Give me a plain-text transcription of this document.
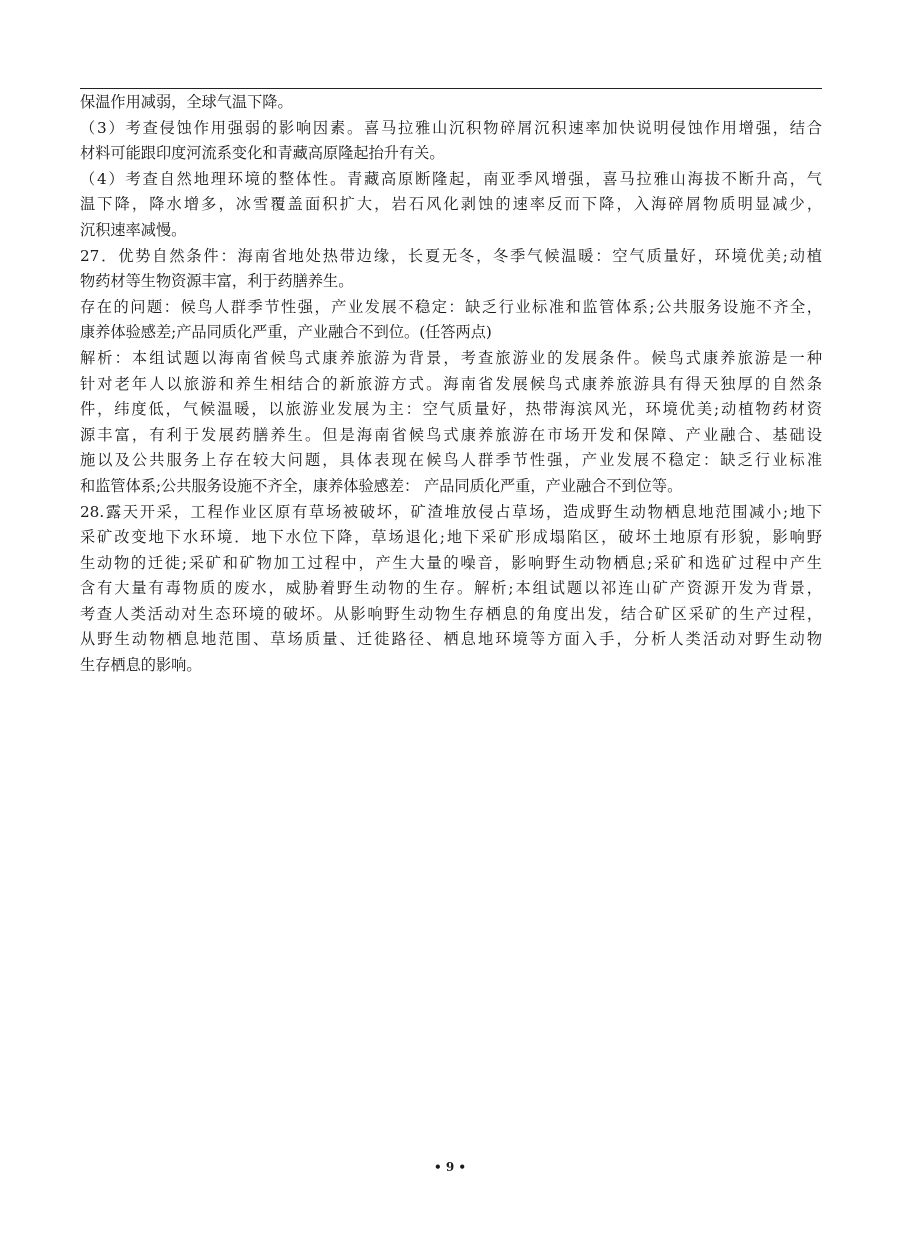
保温作用减弱，全球气温下降。
（3）考查侵蚀作用强弱的影响因素。喜马拉雅山沉积物碎屑沉积速率加快说明侵蚀作用增强，结合
材料可能跟印度河流系变化和青藏高原隆起抬升有关。
（4）考查自然地理环境的整体性。青藏高原断隆起，南亚季风增强，喜马拉雅山海拔不断升高，气
温下降，降水增多，冰雪覆盖面积扩大，岩石风化剥蚀的速率反而下降，入海碎屑物质明显减少，
沉积速率减慢。
27．优势自然条件：海南省地处热带边缘，长夏无冬，冬季气候温暖：空气质量好，环境优美;动植
物药材等生物资源丰富，利于药膳养生。
存在的问题：候鸟人群季节性强，产业发展不稳定：缺乏行业标准和监管体系;公共服务设施不齐全，
康养体验感差;产品同质化严重，产业融合不到位。(任答两点)
解析：本组试题以海南省候鸟式康养旅游为背景，考查旅游业的发展条件。候鸟式康养旅游是一种
针对老年人以旅游和养生相结合的新旅游方式。海南省发展候鸟式康养旅游具有得天独厚的自然条
件，纬度低，气候温暖，以旅游业发展为主：空气质量好，热带海滨风光，环境优美;动植物药材资
源丰富，有利于发展药膳养生。但是海南省候鸟式康养旅游在市场开发和保障、产业融合、基础设
施以及公共服务上存在较大问题，具体表现在候鸟人群季节性强，产业发展不稳定：缺乏行业标准
和监管体系;公共服务设施不齐全，康养体验感差： 产品同质化严重，产业融合不到位等。
28.露天开采，工程作业区原有草场被破坏，矿渣堆放侵占草场，造成野生动物栖息地范围减小;地下
采矿改变地下水环境．地下水位下降，草场退化;地下采矿形成塌陷区，破坏土地原有形貌，影响野
生动物的迁徙;采矿和矿物加工过程中，产生大量的噪音，影响野生动物栖息;采矿和选矿过程中产生
含有大量有毒物质的废水，威胁着野生动物的生存。解析;本组试题以祁连山矿产资源开发为背景，
考查人类活动对生态环境的破坏。从影响野生动物生存栖息的角度出发，结合矿区采矿的生产过程，
从野生动物栖息地范围、草场质量、迁徙路径、栖息地环境等方面入手，分析人类活动对野生动物
生存栖息的影响。
• 9 •
